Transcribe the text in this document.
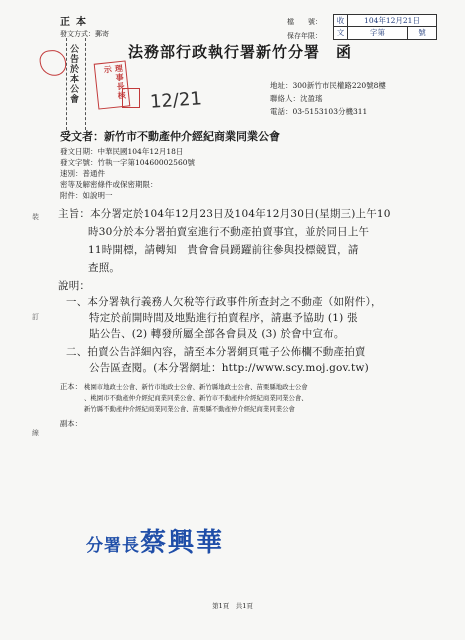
正本
發文方式：郵寄
檔　　號：
保存年限：
收	104年12月21日
文	字第	號
公告於本公會	法務部行政執行署新竹分署　函
理事長核示
12/21
地址：300新竹市民權路220號8樓
聯絡人：沈盈瑤
電話：03-5153103分機311
受文者：新竹市不動產仲介經紀商業同業公會
發文日期：中華民國104年12月18日
發文字號：竹執一字第10460002560號
速別：普通件
密等及解密條件或保密期限：
附件：如說明一
裝
訂
線
主旨：本分署定於104年12月23日及104年12月30日(星期三)上午10
時30分於本分署拍賣室進行不動產拍賣事宜，並於同日上午
11時開標，請轉知　貴會會員踴躍前往參與投標競買，請
查照。
說明：
一、本分署執行義務人欠稅等行政事件所查封之不動產（如附件），
特定於前開時間及地點進行拍賣程序，請惠予協助 (1) 張
貼公告、(2) 轉發所屬全部各會員及 (3) 於會中宣布。
二、拍賣公告詳細內容，請至本分署網頁電子公佈欄不動產拍賣
公告區查閱。(本分署網址：http://www.scy.moj.gov.tw)
正本： 桃園市地政士公會、新竹市地政士公會、新竹縣地政士公會、苗栗縣地政士公會
、桃園市不動產仲介經紀商業同業公會、新竹市不動產仲介經紀商業同業公會、
新竹縣不動產仲介經紀商業同業公會、苗栗縣不動產仲介經紀商業同業公會
副本：
分署長蔡興華
第1頁　共1頁
